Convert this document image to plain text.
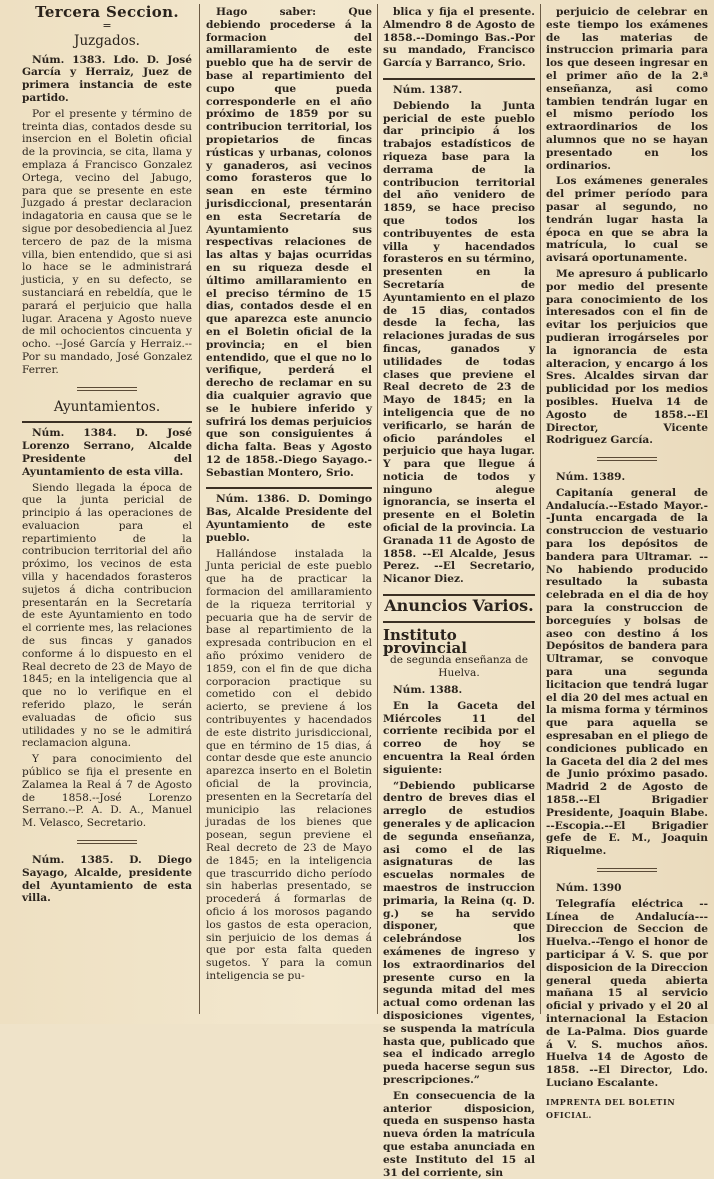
Tercera Seccion.
=
Juzgados.

Núm. 1383. Ldo. D. José García y Herraiz, Juez de primera instancia de este partido.

Por el presente y término de treinta dias, contados desde su insercion en el Boletin oficial de la provincia, se cita, llama y emplaza á Francisco Gonzalez Ortega, vecino del Jabugo, para que se presente en este Juzgado á prestar declaracion indagatoria en causa que se le sigue por desobediencia al Juez tercero de paz de la misma villa, bien entendido, que si asi lo hace se le administrará justicia, y en su defecto, se sustanciará en rebeldía, que le parará el perjuicio que halla lugar. Aracena y Agosto nueve de mil ochocientos cincuenta y ocho. --José García y Herraiz.--Por su mandado, José Gonzalez Ferrer.

Ayuntamientos.

Núm. 1384. D. José Lorenzo Serrano, Alcalde Presidente del Ayuntamiento de esta villa.

Siendo llegada la época de que la junta pericial de principio á las operaciones de evaluacion para el repartimiento de la contribucion territorial del año próximo, los vecinos de esta villa y hacendados forasteros sujetos á dicha contribucion presentarán en la Secretaría de este Ayuntamiento en todo el corriente mes, las relaciones de sus fincas y ganados conforme á lo dispuesto en el Real decreto de 23 de Mayo de 1845; en la inteligencia que al que no lo verifique en el referido plazo, le serán evaluadas de oficio sus utilidades y no se le admitirá reclamacion alguna.

Y para conocimiento del público se fija el presente en Zalamea la Real á 7 de Agosto de 1858.--José Lorenzo Serrano.--P. A. D. A., Manuel M. Velasco, Secretario.

Núm. 1385. D. Diego Sayago, Alcalde, presidente del Ayuntamiento de esta villa.

Hago saber: Que debiendo procederse á la formacion del amillaramiento de este pueblo que ha de servir de base al repartimiento del cupo que pueda corresponderle en el año próximo de 1859 por su contribucion territorial, los propietarios de fincas rústicas y urbanas, colonos y ganaderos, asi vecinos como forasteros que lo sean en este término jurisdiccional, presentarán en esta Secretaría de Ayuntamiento sus respectivas relaciones de las altas y bajas ocurridas en su riqueza desde el último amillaramiento en el preciso término de 15 dias, contados desde el en que aparezca este anuncio en el Boletin oficial de la provincia; en el bien entendido, que el que no lo verifique, perderá el derecho de reclamar en su dia cualquier agravio que se le hubiere inferido y sufrirá los demas perjuicios que son consiguientes á dicha falta. Beas y Agosto 12 de 1858.-Diego Sayago.-Sebastian Montero, Srio.

Núm. 1386. D. Domingo Bas, Alcalde Presidente del Ayuntamiento de este pueblo.

Hallándose instalada la Junta pericial de este pueblo que ha de practicar la formacion del amillaramiento de la riqueza territorial y pecuaria que ha de servir de base al repartimiento de la expresada contribucion en el año próximo venidero de 1859, con el fin de que dicha corporacion practique su cometido con el debido acierto, se previene á los contribuyentes y hacendados de este distrito jurisdiccional, que en término de 15 dias, á contar desde que este anuncio aparezca inserto en el Boletin oficial de la provincia, presenten en la Secretaría del municipio las relaciones juradas de los bienes que posean, segun previene el Real decreto de 23 de Mayo de 1845; en la inteligencia que trascurrido dicho período sin haberlas presentado, se procederá á formarlas de oficio á los morosos pagando los gastos de esta operacion, sin perjuicio de los demas á que por esta falta queden sugetos. Y para la comun inteligencia se pu-

blica y fija el presente. Almendro 8 de Agosto de 1858.--Domingo Bas.-Por su mandado, Francisco García y Barranco, Srio.

Núm. 1387.

Debiendo la Junta pericial de este pueblo dar principio á los trabajos estadísticos de riqueza base para la derrama de la contribucion territorial del año venidero de 1859, se hace preciso que todos los contribuyentes de esta villa y hacendados forasteros en su término, presenten en la Secretaría de Ayuntamiento en el plazo de 15 dias, contados desde la fecha, las relaciones juradas de sus fincas, ganados y utilidades de todas clases que previene el Real decreto de 23 de Mayo de 1845; en la inteligencia que de no verificarlo, se harán de oficio parándoles el perjuicio que haya lugar. Y para que llegue á noticia de todos y ninguno alegue ignorancia, se inserta el presente en el Boletin oficial de la provincia. La Granada 11 de Agosto de 1858. --El Alcalde, Jesus Perez. --El Secretario, Nicanor Diez.

Anuncios Varios.
Instituto provincial
de segunda enseñanza de Huelva.

Núm. 1388.

En la Gaceta del Miércoles 11 del corriente recibida por el correo de hoy se encuentra la Real órden siguiente:

“Debiendo publicarse dentro de breves dias el arreglo de estudios generales y de aplicacion de segunda enseñanza, asi como el de las asignaturas de las escuelas normales de maestros de instruccion primaria, la Reina (q. D. g.) se ha servido disponer, que celebrándose los exámenes de ingreso y los extraordinarios del presente curso en la segunda mitad del mes actual como ordenan las disposiciones vigentes, se suspenda la matrícula hasta que, publicado que sea el indicado arreglo pueda hacerse segun sus prescripciones.”

En consecuencia de la anterior disposicion, queda en suspenso hasta nueva órden la matrícula que estaba anunciada en este Instituto del 15 al 31 del corriente, sin

perjuicio de celebrar en este tiempo los exámenes de las materias de instruccion primaria para los que deseen ingresar en el primer año de la 2.ª enseñanza, asi como tambien tendrán lugar en el mismo período los extraordinarios de los alumnos que no se hayan presentado en los ordinarios.

Los exámenes generales del primer período para pasar al segundo, no tendrán lugar hasta la época en que se abra la matrícula, lo cual se avisará oportunamente.

Me apresuro á publicarlo por medio del presente para conocimiento de los interesados con el fin de evitar los perjuicios que pudieran irrogárseles por la ignorancia de esta alteracion, y encargo á los Sres. Alcaldes sirvan dar publicidad por los medios posibles. Huelva 14 de Agosto de 1858.--El Director, Vicente Rodriguez García.

Núm. 1389.

Capitanía general de Andalucía.--Estado Mayor.--Junta encargada de la construccion de vestuario para los depósitos de bandera para Ultramar. --No habiendo producido resultado la subasta celebrada en el dia de hoy para la construccion de borceguíes y bolsas de aseo con destino á los Depósitos de bandera para Ultramar, se convoque para una segunda licitacion que tendrá lugar el dia 20 del mes actual en la misma forma y términos que para aquella se espresaban en el pliego de condiciones publicado en la Gaceta del dia 2 del mes de Junio próximo pasado. Madrid 2 de Agosto de 1858.--El Brigadier Presidente, Joaquin Blabe. --Escopia.--El Brigadier gefe de E. M., Joaquin Riquelme.

Núm. 1390

Telegrafía eléctrica --Línea de Andalucía---Direccion de Seccion de Huelva.--Tengo el honor de participar á V. S. que por disposicion de la Direccion general queda abierta mañana 15 al servicio oficial y privado y el 20 al internacional la Estacion de La-Palma. Dios guarde á V. S. muchos años. Huelva 14 de Agosto de 1858. --El Director, Ldo. Luciano Escalante.

IMPRENTA DEL BOLETIN OFICIAL.
